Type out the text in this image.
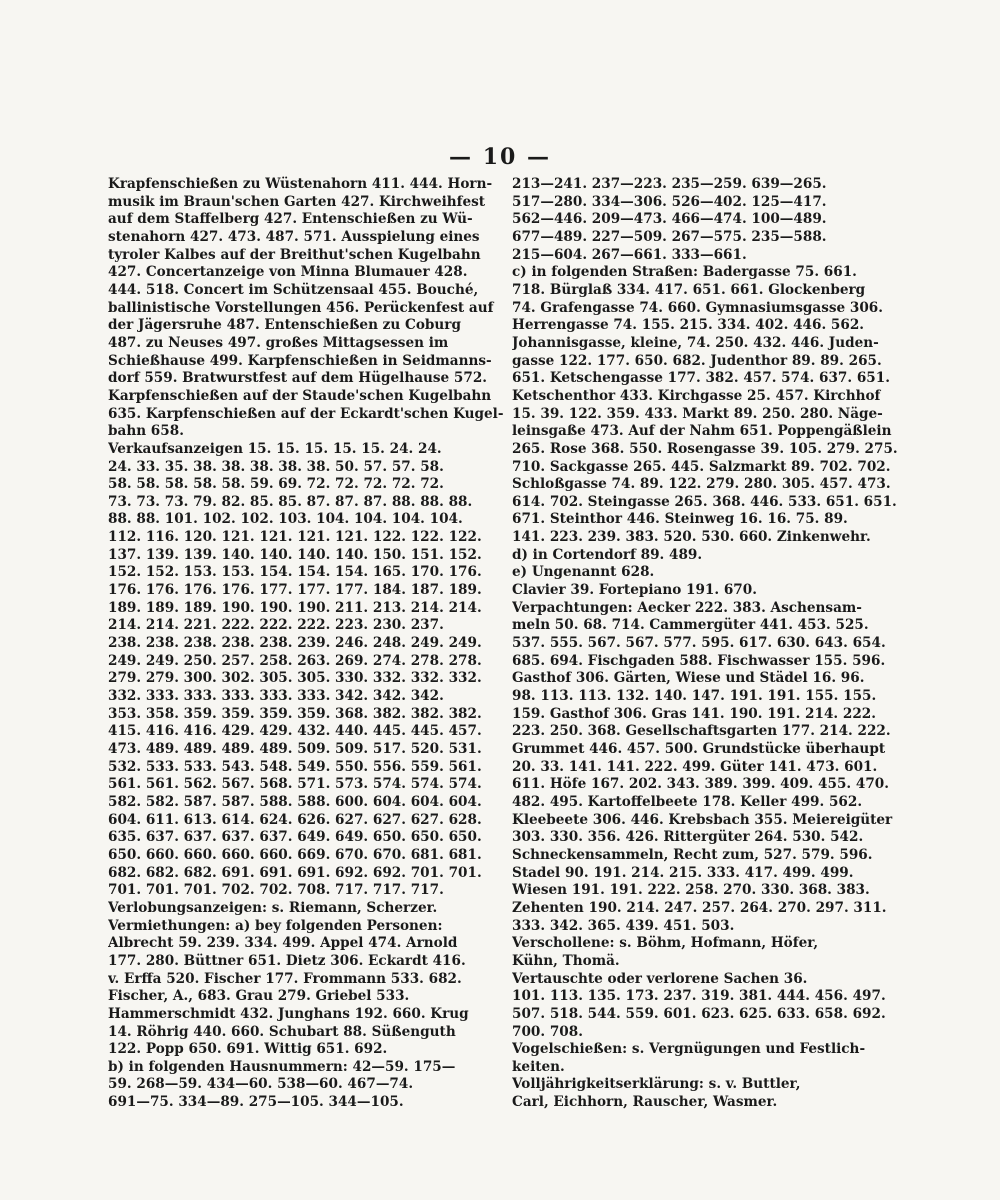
— 10 —
Krapfenschießen zu Wüstenahorn 411. 444. Horn-
musik im Braun'schen Garten 427. Kirchweihfest
auf dem Staffelberg 427. Entenschießen zu Wü-
stenahorn 427. 473. 487. 571. Ausspielung eines
tyroler Kalbes auf der Breithut'schen Kugelbahn
427. Concertanzeige von Minna Blumauer 428.
444. 518. Concert im Schützensaal 455. Bouché,
ballinistische Vorstellungen 456. Perückenfest auf
der Jägersruhe 487. Entenschießen zu Coburg
487. zu Neuses 497. großes Mittagsessen im
Schießhause 499. Karpfenschießen in Seidmanns-
dorf 559. Bratwurstfest auf dem Hügelhause 572.
Karpfenschießen auf der Staude'schen Kugelbahn
635. Karpfenschießen auf der Eckardt'schen Kugel-
bahn 658.
Verkaufsanzeigen 15. 15. 15. 15. 15. 24. 24.
24. 33. 35. 38. 38. 38. 38. 38. 50. 57. 57. 58.
58. 58. 58. 58. 58. 59. 69. 72. 72. 72. 72. 72.
73. 73. 73. 79. 82. 85. 85. 87. 87. 87. 88. 88. 88.
88. 88. 101. 102. 102. 103. 104. 104. 104. 104.
112. 116. 120. 121. 121. 121. 121. 122. 122. 122.
137. 139. 139. 140. 140. 140. 140. 150. 151. 152.
152. 152. 153. 153. 154. 154. 154. 165. 170. 176.
176. 176. 176. 176. 177. 177. 177. 184. 187. 189.
189. 189. 189. 190. 190. 190. 211. 213. 214. 214.
214. 214. 221. 222. 222. 222. 223. 230. 237.
238. 238. 238. 238. 238. 239. 246. 248. 249. 249.
249. 249. 250. 257. 258. 263. 269. 274. 278. 278.
279. 279. 300. 302. 305. 305. 330. 332. 332. 332.
332. 333. 333. 333. 333. 333. 342. 342. 342.
353. 358. 359. 359. 359. 359. 368. 382. 382. 382.
415. 416. 416. 429. 429. 432. 440. 445. 445. 457.
473. 489. 489. 489. 489. 509. 509. 517. 520. 531.
532. 533. 533. 543. 548. 549. 550. 556. 559. 561.
561. 561. 562. 567. 568. 571. 573. 574. 574. 574.
582. 582. 587. 587. 588. 588. 600. 604. 604. 604.
604. 611. 613. 614. 624. 626. 627. 627. 627. 628.
635. 637. 637. 637. 637. 649. 649. 650. 650. 650.
650. 660. 660. 660. 660. 669. 670. 670. 681. 681.
682. 682. 682. 691. 691. 691. 692. 692. 701. 701.
701. 701. 701. 702. 702. 708. 717. 717. 717.
Verlobungsanzeigen: s. Riemann, Scherzer.
Vermiethungen: a) bey folgenden Personen:
Albrecht 59. 239. 334. 499. Appel 474. Arnold
177. 280. Büttner 651. Dietz 306. Eckardt 416.
v. Erffa 520. Fischer 177. Frommann 533. 682.
Fischer, A., 683. Grau 279. Griebel 533.
Hammerschmidt 432. Junghans 192. 660. Krug
14. Röhrig 440. 660. Schubart 88. Süßenguth
122. Popp 650. 691. Wittig 651. 692.
b) in folgenden Hausnummern: 42—59. 175—
59. 268—59. 434—60. 538—60. 467—74.
691—75. 334—89. 275—105. 344—105.
213—241. 237—223. 235—259. 639—265.
517—280. 334—306. 526—402. 125—417.
562—446. 209—473. 466—474. 100—489.
677—489. 227—509. 267—575. 235—588.
215—604. 267—661. 333—661.
c) in folgenden Straßen: Badergasse 75. 661.
718. Bürglaß 334. 417. 651. 661. Glockenberg
74. Grafengasse 74. 660. Gymnasiumsgasse 306.
Herrengasse 74. 155. 215. 334. 402. 446. 562.
Johannisgasse, kleine, 74. 250. 432. 446. Juden-
gasse 122. 177. 650. 682. Judenthor 89. 89. 265.
651. Ketschengasse 177. 382. 457. 574. 637. 651.
Ketschenthor 433. Kirchgasse 25. 457. Kirchhof
15. 39. 122. 359. 433. Markt 89. 250. 280. Näge-
leinsgaße 473. Auf der Nahm 651. Poppengäßlein
265. Rose 368. 550. Rosengasse 39. 105. 279. 275.
710. Sackgasse 265. 445. Salzmarkt 89. 702. 702.
Schloßgasse 74. 89. 122. 279. 280. 305. 457. 473.
614. 702. Steingasse 265. 368. 446. 533. 651. 651.
671. Steinthor 446. Steinweg 16. 16. 75. 89.
141. 223. 239. 383. 520. 530. 660. Zinkenwehr.
d) in Cortendorf 89. 489.
e) Ungenannt 628.
Clavier 39. Fortepiano 191. 670.
Verpachtungen: Aecker 222. 383. Aschensam-
meln 50. 68. 714. Cammergüter 441. 453. 525.
537. 555. 567. 567. 577. 595. 617. 630. 643. 654.
685. 694. Fischgaden 588. Fischwasser 155. 596.
Gasthof 306. Gärten, Wiese und Städel 16. 96.
98. 113. 113. 132. 140. 147. 191. 191. 155. 155.
159. Gasthof 306. Gras 141. 190. 191. 214. 222.
223. 250. 368. Gesellschaftsgarten 177. 214. 222.
Grummet 446. 457. 500. Grundstücke überhaupt
20. 33. 141. 141. 222. 499. Güter 141. 473. 601.
611. Höfe 167. 202. 343. 389. 399. 409. 455. 470.
482. 495. Kartoffelbeete 178. Keller 499. 562.
Kleebeete 306. 446. Krebsbach 355. Meiereigüter
303. 330. 356. 426. Rittergüter 264. 530. 542.
Schneckensammeln, Recht zum, 527. 579. 596.
Stadel 90. 191. 214. 215. 333. 417. 499. 499.
Wiesen 191. 191. 222. 258. 270. 330. 368. 383.
Zehenten 190. 214. 247. 257. 264. 270. 297. 311.
333. 342. 365. 439. 451. 503.
Verschollene: s. Böhm, Hofmann, Höfer,
Kühn, Thomä.
Vertauschte oder verlorene Sachen 36.
101. 113. 135. 173. 237. 319. 381. 444. 456. 497.
507. 518. 544. 559. 601. 623. 625. 633. 658. 692.
700. 708.
Vogelschießen: s. Vergnügungen und Festlich-
keiten.
Volljährigkeitserklärung: s. v. Buttler,
Carl, Eichhorn, Rauscher, Wasmer.
